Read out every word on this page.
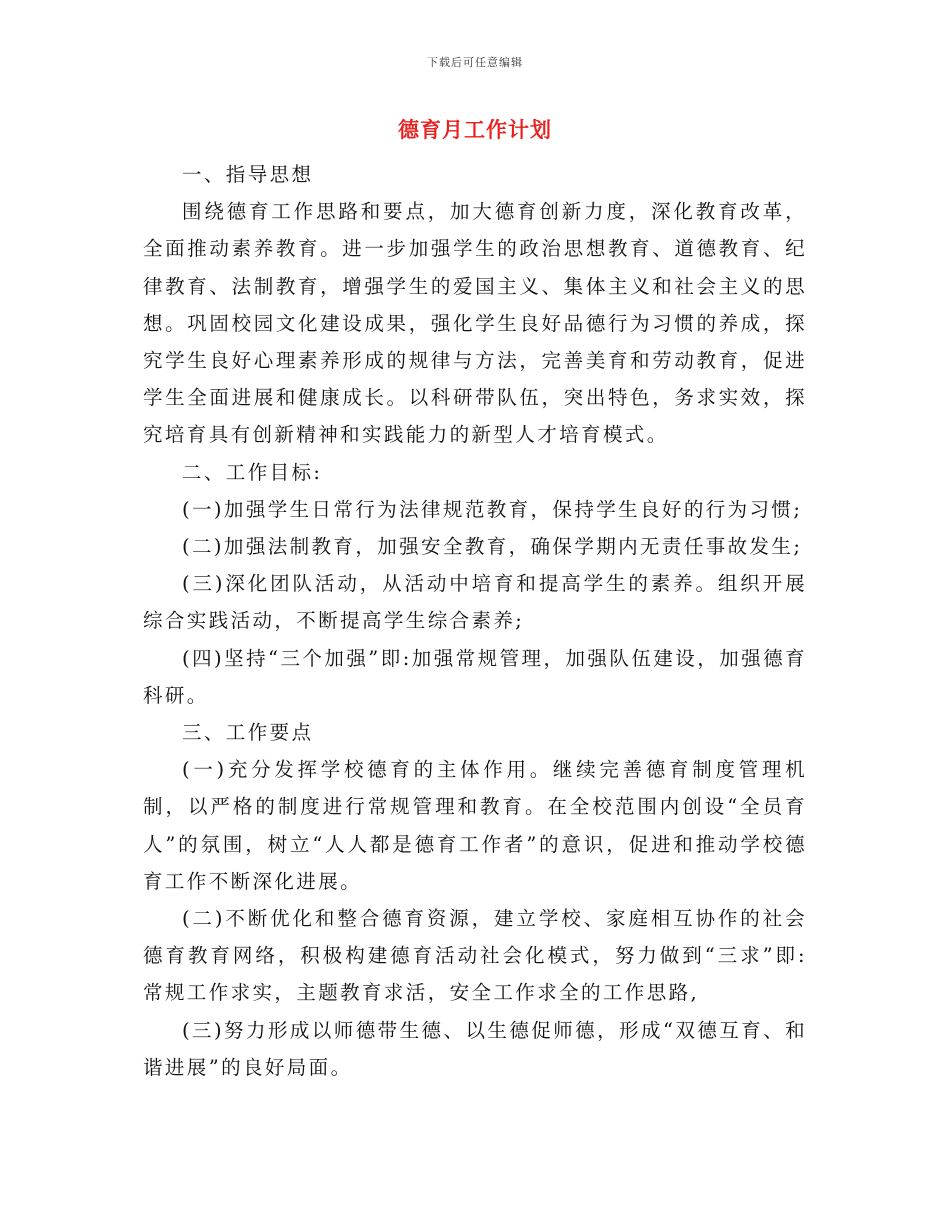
下载后可任意编辑
德育月工作计划

一、指导思想

围绕德育工作思路和要点，加大德育创新力度，深化教育改革，全面推动素养教育。进一步加强学生的政治思想教育、道德教育、纪律教育、法制教育，增强学生的爱国主义、集体主义和社会主义的思想。巩固校园文化建设成果，强化学生良好品德行为习惯的养成，探究学生良好心理素养形成的规律与方法，完善美育和劳动教育，促进学生全面进展和健康成长。以科研带队伍，突出特色，务求实效，探究培育具有创新精神和实践能力的新型人才培育模式。

二、工作目标:

(一)加强学生日常行为法律规范教育，保持学生良好的行为习惯;

(二)加强法制教育，加强安全教育，确保学期内无责任事故发生;

(三)深化团队活动，从活动中培育和提高学生的素养。组织开展综合实践活动，不断提高学生综合素养;

(四)坚持“三个加强”即:加强常规管理，加强队伍建设，加强德育科研。

三、工作要点

(一)充分发挥学校德育的主体作用。继续完善德育制度管理机制，以严格的制度进行常规管理和教育。在全校范围内创设“全员育人”的氛围，树立“人人都是德育工作者”的意识，促进和推动学校德育工作不断深化进展。

(二)不断优化和整合德育资源，建立学校、家庭相互协作的社会德育教育网络，积极构建德育活动社会化模式，努力做到“三求”即:常规工作求实，主题教育求活，安全工作求全的工作思路,

(三)努力形成以师德带生德、以生德促师德，形成“双德互育、和谐进展”的良好局面。
